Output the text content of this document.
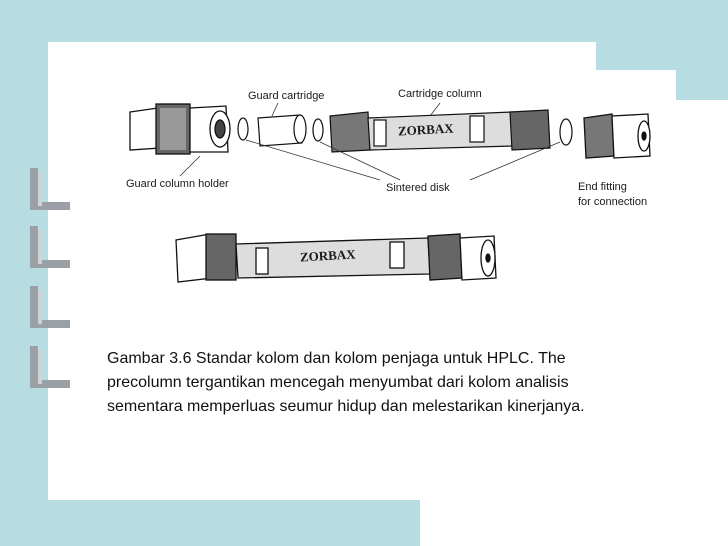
ZORBAX
ZORBAX
Guard cartridge	Cartridge column
Guard column holder	Sintered disk	End fitting
for connection
Gambar 3.6 Standar kolom dan kolom penjaga untuk HPLC. The
precolumn tergantikan mencegah menyumbat dari kolom analisis
sementara memperluas seumur hidup dan melestarikan kinerjanya.
